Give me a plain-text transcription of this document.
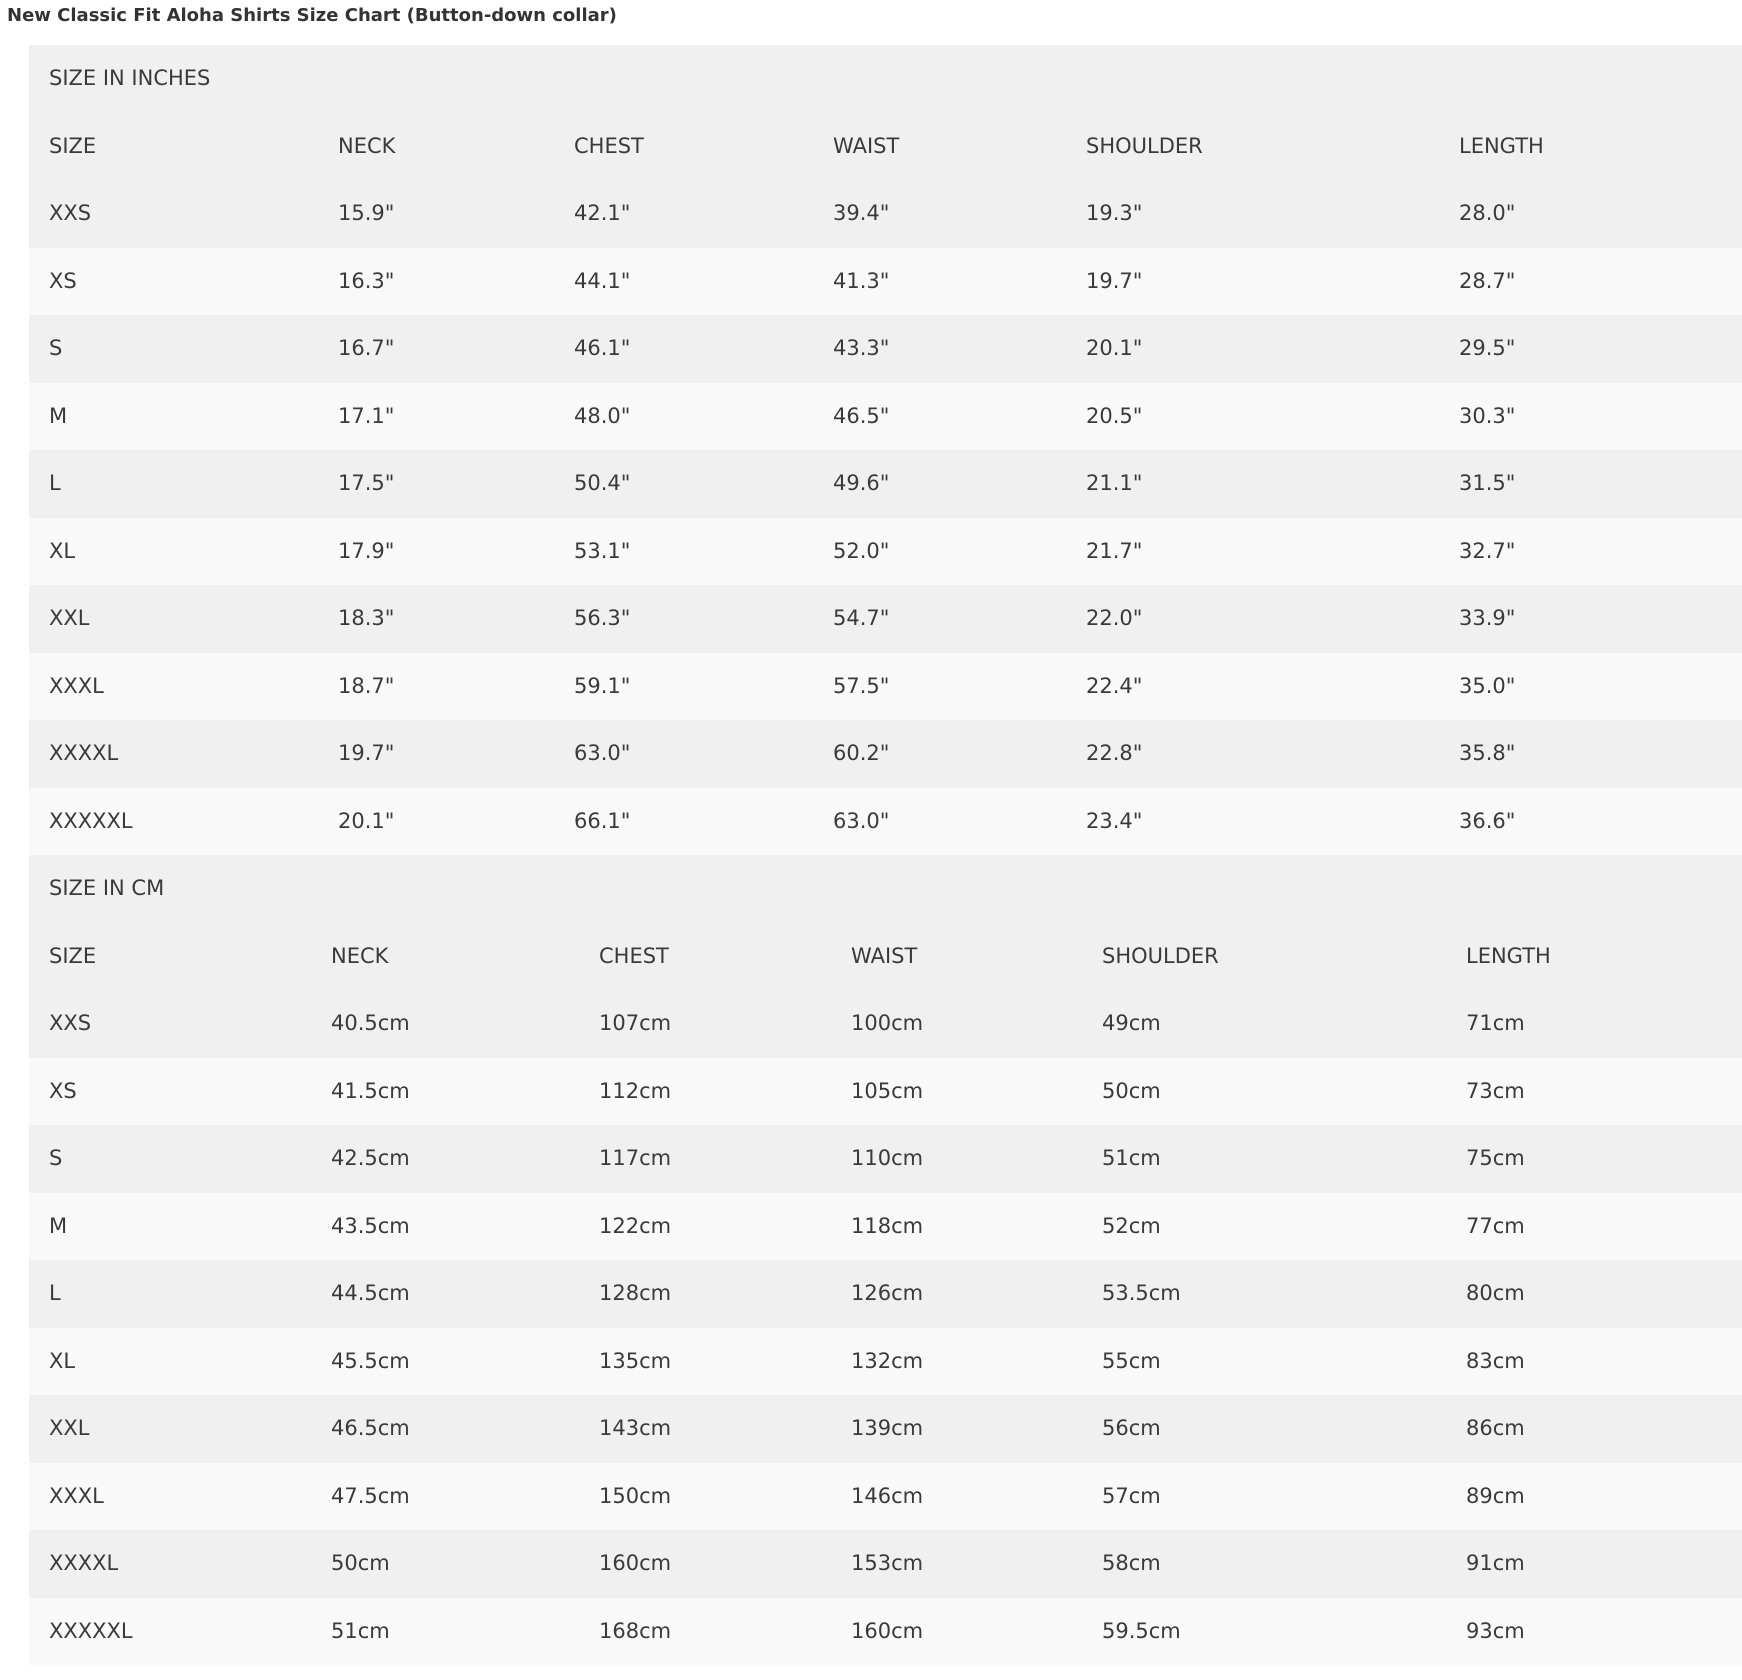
New Classic Fit Aloha Shirts Size Chart (Button-down collar)
SIZE IN INCHES
SIZE	NECK	CHEST	WAIST	SHOULDER	LENGTH
XXS	15.9"	42.1"	39.4"	19.3"	28.0"
XS	16.3"	44.1"	41.3"	19.7"	28.7"
S	16.7"	46.1"	43.3"	20.1"	29.5"
M	17.1"	48.0"	46.5"	20.5"	30.3"
L	17.5"	50.4"	49.6"	21.1"	31.5"
XL	17.9"	53.1"	52.0"	21.7"	32.7"
XXL	18.3"	56.3"	54.7"	22.0"	33.9"
XXXL	18.7"	59.1"	57.5"	22.4"	35.0"
XXXXL	19.7"	63.0"	60.2"	22.8"	35.8"
XXXXXL	20.1"	66.1"	63.0"	23.4"	36.6"
SIZE IN CM
SIZE	NECK	CHEST	WAIST	SHOULDER	LENGTH
XXS	40.5cm	107cm	100cm	49cm	71cm
XS	41.5cm	112cm	105cm	50cm	73cm
S	42.5cm	117cm	110cm	51cm	75cm
M	43.5cm	122cm	118cm	52cm	77cm
L	44.5cm	128cm	126cm	53.5cm	80cm
XL	45.5cm	135cm	132cm	55cm	83cm
XXL	46.5cm	143cm	139cm	56cm	86cm
XXXL	47.5cm	150cm	146cm	57cm	89cm
XXXXL	50cm	160cm	153cm	58cm	91cm
XXXXXL	51cm	168cm	160cm	59.5cm	93cm
